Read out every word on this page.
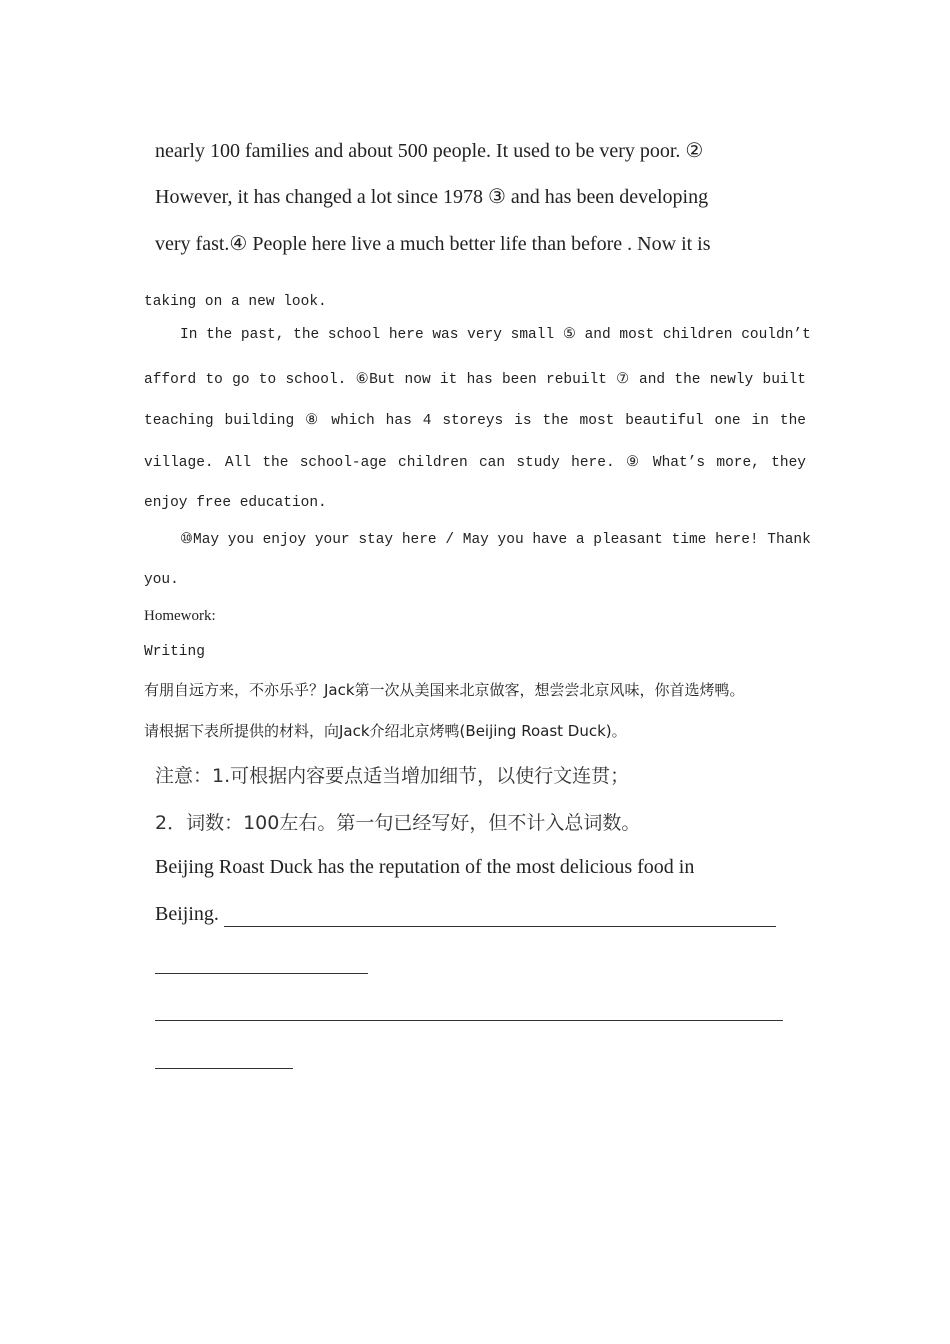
nearly 100 families and about 500 people. It used to be very poor. ②
However, it has changed a lot since 1978 ③ and has been developing
very fast.④ People here live a much better life than before . Now it is
taking on a new look.
In the past, the school here was very small ⑤ and most children couldn’t
afford to go to school. ⑥But now it has been rebuilt ⑦ and the newly built
teaching building ⑧ which has 4 storeys is the most beautiful one in the
village. All the school-age children can study here. ⑨ What’s more, they
enjoy free education.
⑩May you enjoy your stay here / May you have a pleasant time here! Thank
you.
Homework:
Writing
有朋自远方来，不亦乐乎？Jack第一次从美国来北京做客，想尝尝北京风味，你首选烤鸭。
请根据下表所提供的材料，向Jack介绍北京烤鸭(Beijing Roast Duck)。
注意：1.可根据内容要点适当增加细节，以使行文连贯；
2．词数：100左右。第一句已经写好，但不计入总词数。
Beijing Roast Duck has the reputation of the most delicious food in
Beijing.
